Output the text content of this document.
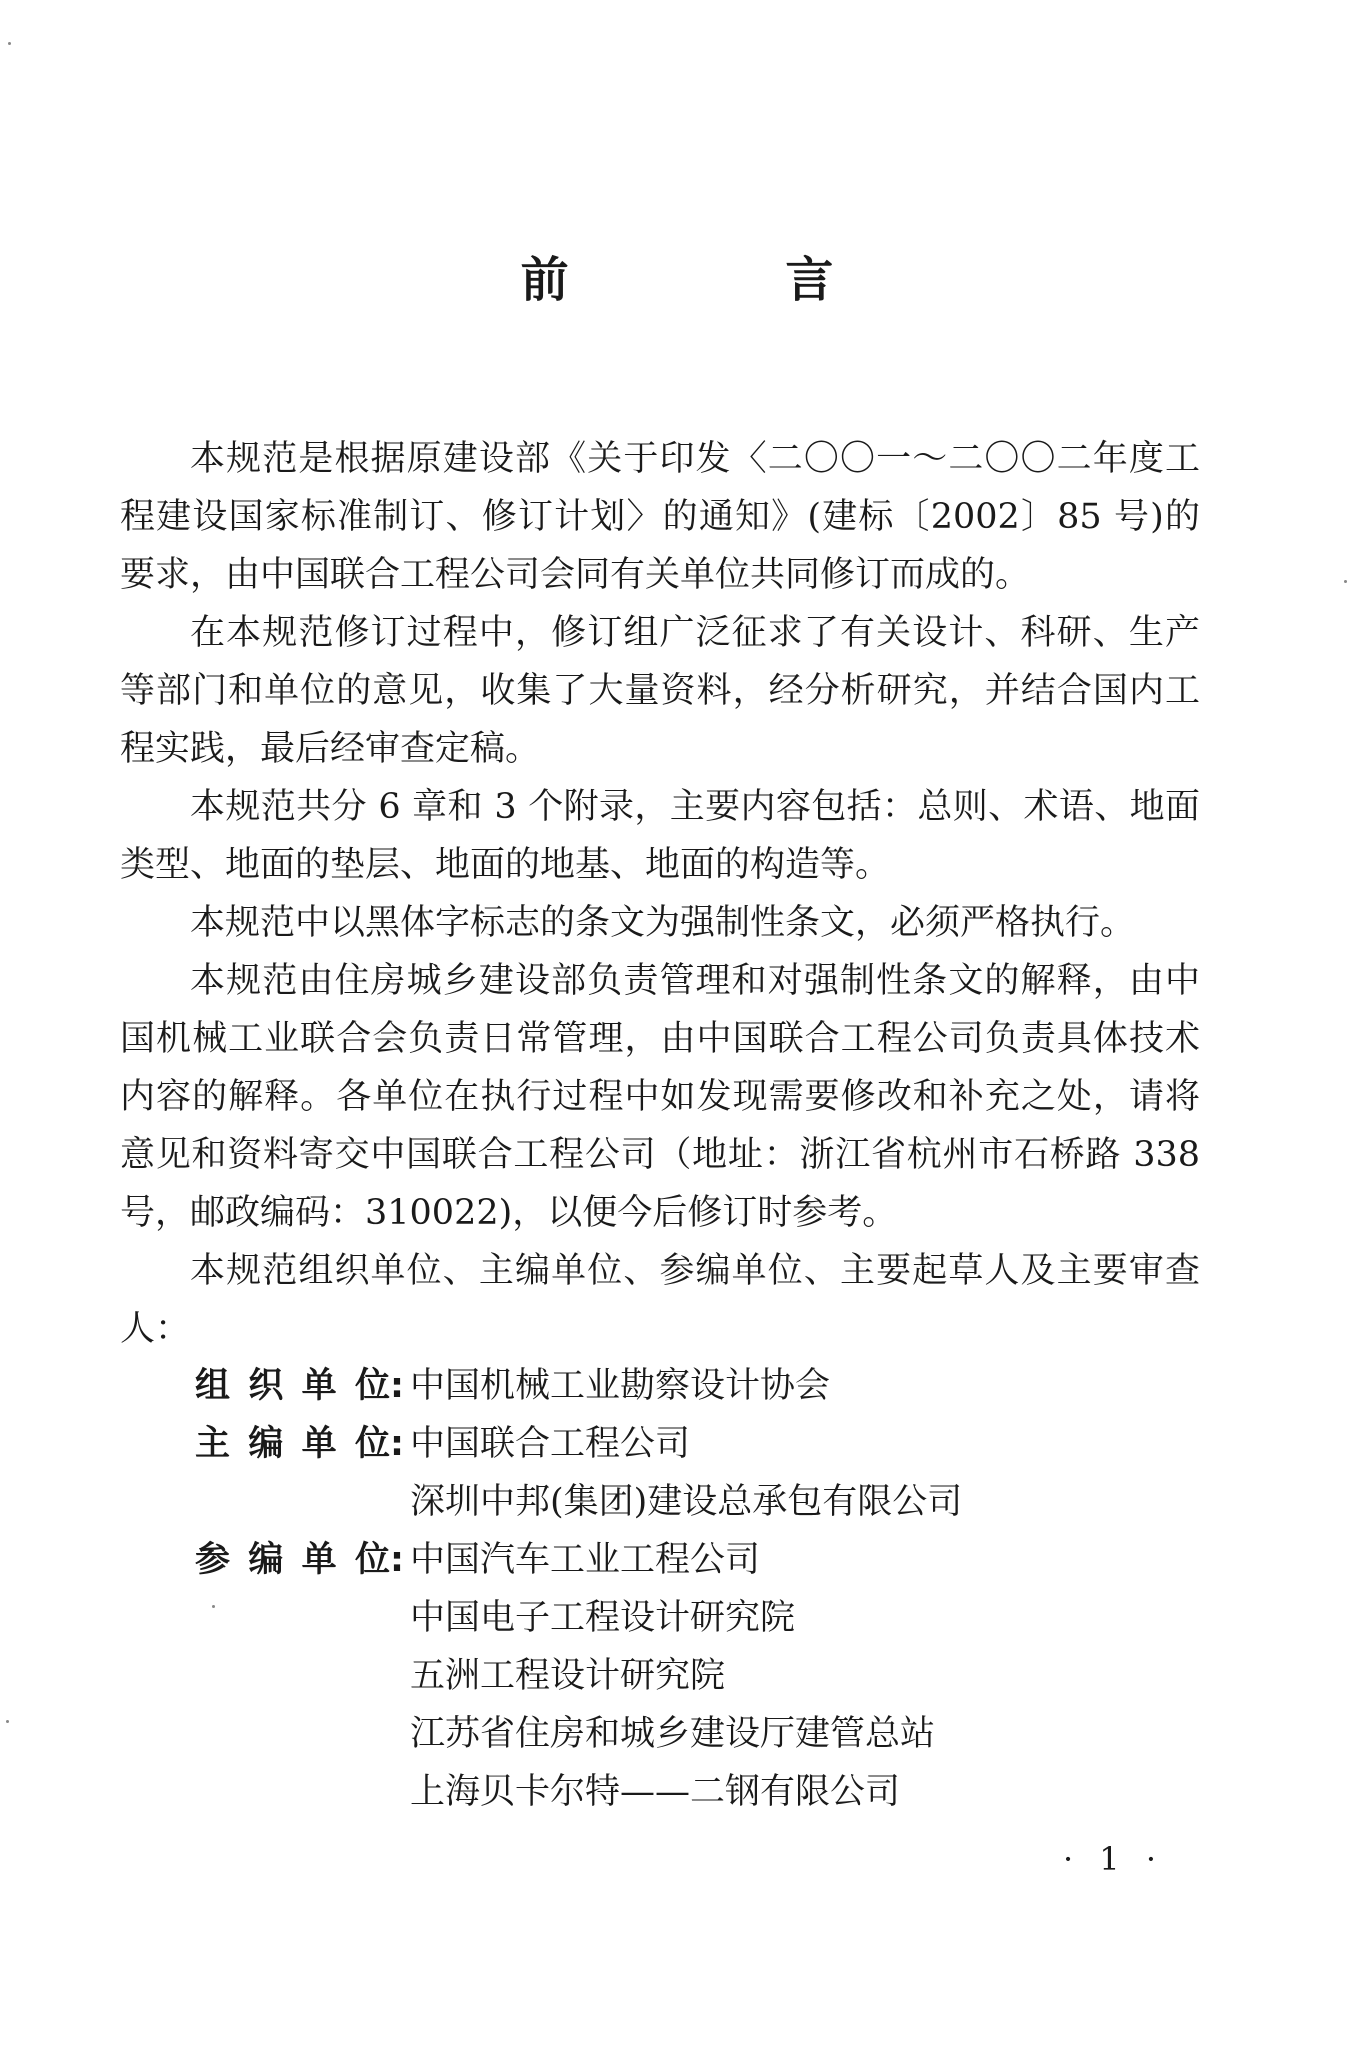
前 言

本规范是根据原建设部《关于印发〈二〇〇一～二〇〇二年度工程建设国家标准制订、修订计划〉的通知》(建标〔2002〕85 号)的要求，由中国联合工程公司会同有关单位共同修订而成的。

在本规范修订过程中，修订组广泛征求了有关设计、科研、生产等部门和单位的意见，收集了大量资料，经分析研究，并结合国内工程实践，最后经审查定稿。

本规范共分 6 章和 3 个附录，主要内容包括：总则、术语、地面类型、地面的垫层、地面的地基、地面的构造等。

本规范中以黑体字标志的条文为强制性条文，必须严格执行。

本规范由住房城乡建设部负责管理和对强制性条文的解释，由中国机械工业联合会负责日常管理，由中国联合工程公司负责具体技术内容的解释。各单位在执行过程中如发现需要修改和补充之处，请将意见和资料寄交中国联合工程公司（地址：浙江省杭州市石桥路 338 号，邮政编码：310022)，以便今后修订时参考。

本规范组织单位、主编单位、参编单位、主要起草人及主要审查人：

组织单位 : 中国机械工业勘察设计协会
主编单位 : 中国联合工程公司
深圳中邦(集团)建设总承包有限公司
参编单位 : 中国汽车工业工程公司
中国电子工程设计研究院
五洲工程设计研究院
江苏省住房和城乡建设厅建管总站
上海贝卡尔特——二钢有限公司
· 1 ·
